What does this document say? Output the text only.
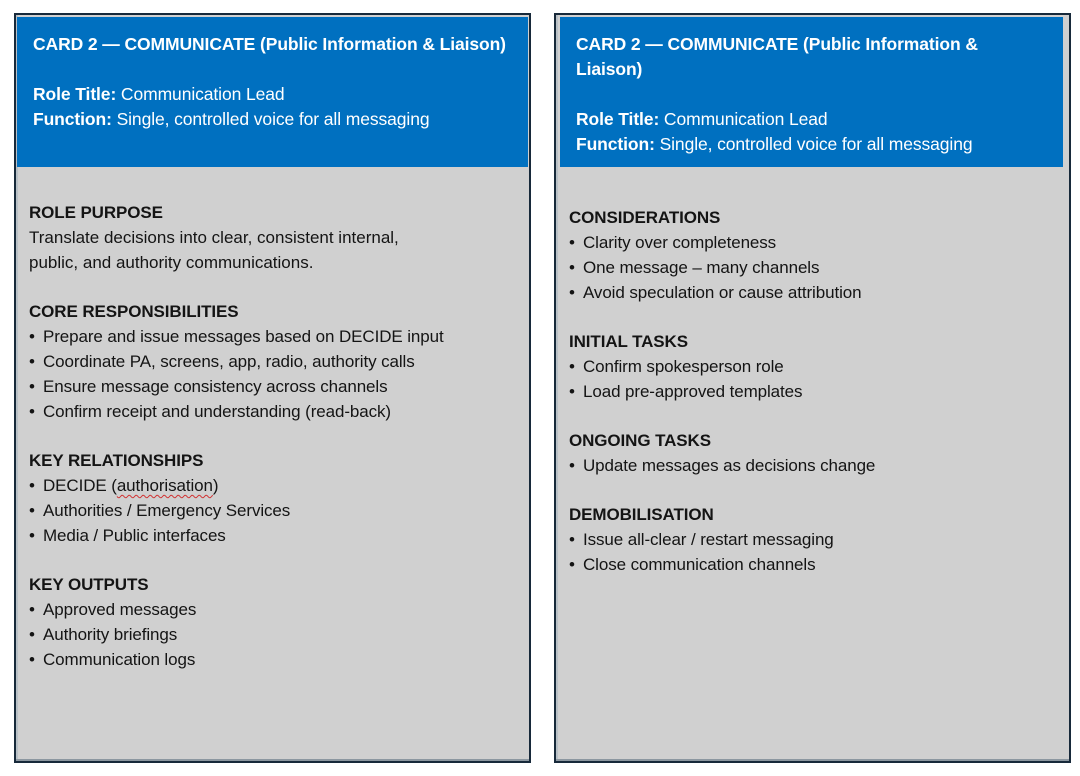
CARD 2 — COMMUNICATE (Public Information & Liaison)

Role Title: Communication Lead

Function: Single, controlled voice for all messaging

ROLE PURPOSE

Translate decisions into clear, consistent internal,

public, and authority communications.

CORE RESPONSIBILITIES

• Prepare and issue messages based on DECIDE input
• Coordinate PA, screens, app, radio, authority calls
• Ensure message consistency across channels
• Confirm receipt and understanding (read-back)

KEY RELATIONSHIPS

• DECIDE (authorisation)
• Authorities / Emergency Services
• Media / Public interfaces

KEY OUTPUTS

• Approved messages
• Authority briefings
• Communication logs

CARD 2 — COMMUNICATE (Public Information & Liaison)

Role Title: Communication Lead

Function: Single, controlled voice for all messaging

CONSIDERATIONS

• Clarity over completeness
• One message – many channels
• Avoid speculation or cause attribution

INITIAL TASKS

• Confirm spokesperson role
• Load pre-approved templates

ONGOING TASKS

• Update messages as decisions change

DEMOBILISATION

• Issue all-clear / restart messaging
• Close communication channels
